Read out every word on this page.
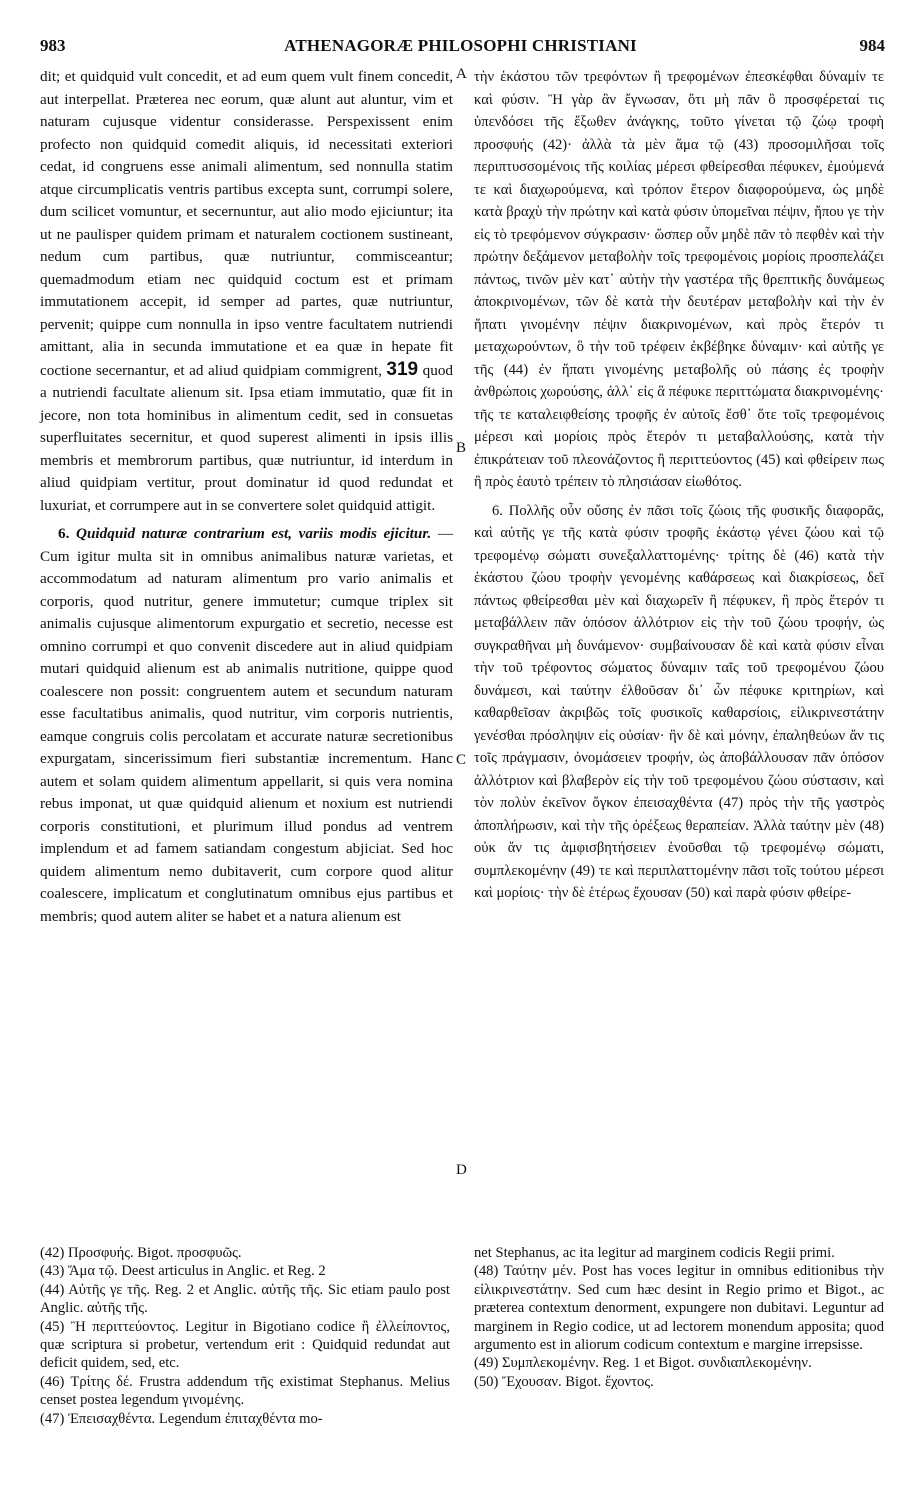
983	ATHENAGORÆ PHILOSOPHI CHRISTIANI	984
A
B
C
D

dit; et quidquid vult concedit, et ad eum quem vult finem concedit, aut interpellat. Præterea nec eorum, quæ alunt aut aluntur, vim et naturam cujusque videntur considerasse. Perspexissent enim profecto non quidquid comedit aliquis, id necessitati exteriori cedat, id congruens esse animali alimentum, sed nonnulla statim atque circumplicatis ventris partibus excepta sunt, corrumpi solere, dum scilicet vomuntur, et secernuntur, aut alio modo ejiciuntur; ita ut ne paulisper quidem primam et naturalem coctionem sustineant, nedum cum partibus, quæ nutriuntur, commisceantur; quemadmodum etiam nec quidquid coctum est et primam immutationem accepit, id semper ad partes, quæ nutriuntur, pervenit; quippe cum nonnulla in ipso ventre facultatem nutriendi amittant, alia in secunda immutatione et ea quæ in hepate fit coctione secernantur, et ad aliud quidpiam commigrent, 319 quod a nutriendi facultate alienum sit. Ipsa etiam immutatio, quæ fit in jecore, non tota hominibus in alimentum cedit, sed in consuetas superfluitates secernitur, et quod superest alimenti in ipsis illis membris et membrorum partibus, quæ nutriuntur, id interdum in aliud quidpiam vertitur, prout dominatur id quod redundat et luxuriat, et corrumpere aut in se convertere solet quidquid attigit.

6. Quidquid naturæ contrarium est, variis modis ejicitur. — Cum igitur multa sit in omnibus animalibus naturæ varietas, et accommodatum ad naturam alimentum pro vario animalis et corporis, quod nutritur, genere immutetur; cumque triplex sit animalis cujusque alimentorum expurgatio et secretio, necesse est omnino corrumpi et quo convenit discedere aut in aliud quidpiam mutari quidquid alienum est ab animalis nutritione, quippe quod coalescere non possit: congruentem autem et secundum naturam esse facultatibus animalis, quod nutritur, vim corporis nutrientis, eamque congruis colis percolatam et accurate naturæ secretionibus expurgatam, sincerissimum fieri substantiæ incrementum. Hanc autem et solam quidem alimentum appellarit, si quis vera nomina rebus imponat, ut quæ quidquid alienum et noxium est nutriendi corporis constitutioni, et plurimum illud pondus ad ventrem implendum et ad famem satiandam congestum abjiciat. Sed hoc quidem alimentum nemo dubitaverit, cum corpore quod alitur coalescere, implicatum et conglutinatum omnibus ejus partibus et membris; quod autem aliter se habet et a natura alienum est

τὴν ἑκάστου τῶν τρεφόντων ἢ τρεφομένων ἐπεσκέφθαι δύναμίν τε καὶ φύσιν. Ἢ γὰρ ἂν ἔγνωσαν, ὅτι μὴ πᾶν ὃ προσφέρεταί τις ὑπενδόσει τῆς ἔξωθεν ἀνάγκης, τοῦτο γίνεται τῷ ζώῳ τροφὴ προσφυής (42)· ἀλλὰ τὰ μὲν ἅμα τῷ (43) προσομιλῆσαι τοῖς περιπτυσσομένοις τῆς κοιλίας μέρεσι φθείρεσθαι πέφυκεν, ἐμούμενά τε καὶ διαχωρούμενα, καὶ τρόπον ἕτερον διαφορούμενα, ὡς μηδὲ κατὰ βραχὺ τὴν πρώτην καὶ κατὰ φύσιν ὑπομεῖναι πέψιν, ἤπου γε τὴν εἰς τὸ τρεφόμενον σύγκρασιν· ὥσπερ οὖν μηδὲ πᾶν τὸ πεφθὲν καὶ τὴν πρώτην δεξάμενον μεταβολὴν τοῖς τρεφομένοις μορίοις προσπελάζει πάντως, τινῶν μὲν κατ᾽ αὐτὴν τὴν γαστέρα τῆς θρεπτικῆς δυνάμεως ἀποκρινομένων, τῶν δὲ κατὰ τὴν δευτέραν μεταβολὴν καὶ τὴν ἐν ἥπατι γινομένην πέψιν διακρινομένων, καὶ πρὸς ἕτερόν τι μεταχωρούντων, ὃ τὴν τοῦ τρέφειν ἐκβέβηκε δύναμιν· καὶ αὐτῆς γε τῆς (44) ἐν ἥπατι γινομένης μεταβολῆς οὐ πάσης ἐς τροφὴν ἀνθρώποις χωρούσης, ἀλλ᾽ εἰς ἃ πέφυκε περιττώματα διακρινομένης· τῆς τε καταλειφθείσης τροφῆς ἐν αὐτοῖς ἔσθ᾽ ὅτε τοῖς τρεφομένοις μέρεσι καὶ μορίοις πρὸς ἕτερόν τι μεταβαλλούσης, κατὰ τὴν ἐπικράτειαν τοῦ πλεονάζοντος ἢ περιττεύοντος (45) καὶ φθείρειν πως ἢ πρὸς ἑαυτὸ τρέπειν τὸ πλησιάσαν εἰωθότος.

6. Πολλῆς οὖν οὔσης ἐν πᾶσι τοῖς ζώοις τῆς φυσικῆς διαφορᾶς, καὶ αὐτῆς γε τῆς κατὰ φύσιν τροφῆς ἑκάστῳ γένει ζώου καὶ τῷ τρεφομένῳ σώματι συνεξαλλαττομένης· τρίτης δὲ (46) κατὰ τὴν ἑκάστου ζώου τροφὴν γενομένης καθάρσεως καὶ διακρίσεως, δεῖ πάντως φθείρεσθαι μὲν καὶ διαχωρεῖν ἢ πέφυκεν, ἢ πρὸς ἕτερόν τι μεταβάλλειν πᾶν ὁπόσον ἀλλότριον εἰς τὴν τοῦ ζώου τροφήν, ὡς συγκραθῆναι μὴ δυνάμενον· συμβαίνουσαν δὲ καὶ κατὰ φύσιν εἶναι τὴν τοῦ τρέφοντος σώματος δύναμιν ταῖς τοῦ τρεφομένου ζώου δυνάμεσι, καὶ ταύτην ἐλθοῦσαν δι᾽ ὧν πέφυκε κριτηρίων, καὶ καθαρθεῖσαν ἀκριβῶς τοῖς φυσικοῖς καθαρσίοις, εἰλικρινεστάτην γενέσθαι πρόσληψιν εἰς οὐσίαν· ἣν δὲ καὶ μόνην, ἐπαληθεύων ἄν τις τοῖς πράγμασιν, ὀνομάσειεν τροφήν, ὡς ἀποβάλλουσαν πᾶν ὁπόσον ἀλλότριον καὶ βλαβερὸν εἰς τὴν τοῦ τρεφομένου ζώου σύστασιν, καὶ τὸν πολὺν ἐκεῖνον ὄγκον ἐπεισαχθέντα (47) πρὸς τὴν τῆς γαστρὸς ἀποπλήρωσιν, καὶ τὴν τῆς ὀρέξεως θεραπείαν. Ἀλλὰ ταύτην μὲν (48) οὐκ ἄν τις ἀμφισβητήσειεν ἑνοῦσθαι τῷ τρεφομένῳ σώματι, συμπλεκομένην (49) τε καὶ περιπλαττομένην πᾶσι τοῖς τούτου μέρεσι καὶ μορίοις· τὴν δὲ ἑτέρως ἔχουσαν (50) καὶ παρὰ φύσιν φθείρε-

(42) Προσφυής. Bigot. προσφυῶς.

(43) Ἅμα τῷ. Deest articulus in Anglic. et Reg. 2

(44) Αὐτῆς γε τῆς. Reg. 2 et Anglic. αὐτῆς τῆς. Sic etiam paulo post Anglic. αὐτῆς τῆς.

(45) Ἢ περιττεύοντος. Legitur in Bigotiano codice ἢ ἐλλείποντος, quæ scriptura si probetur, vertendum erit : Quidquid redundat aut deficit quidem, sed, etc.

(46) Τρίτης δέ. Frustra addendum τῆς existimat Stephanus. Melius censet postea legendum γινομένης.

(47) Ἐπεισαχθέντα. Legendum ἐπιταχθέντα mo-

net Stephanus, ac ita legitur ad marginem codicis Regii primi.

(48) Ταύτην μέν. Post has voces legitur in omnibus editionibus τὴν εἰλικρινεστάτην. Sed cum hæc desint in Regio primo et Bigot., ac præterea contextum denorment, expungere non dubitavi. Leguntur ad marginem in Regio codice, ut ad lectorem monendum apposita; quod argumento est in aliorum codicum contextum e margine irrepsisse.

(49) Συμπλεκομένην. Reg. 1 et Bigot. συνδιαπλεκομένην.

(50) Ἔχουσαν. Bigot. ἔχοντος.
